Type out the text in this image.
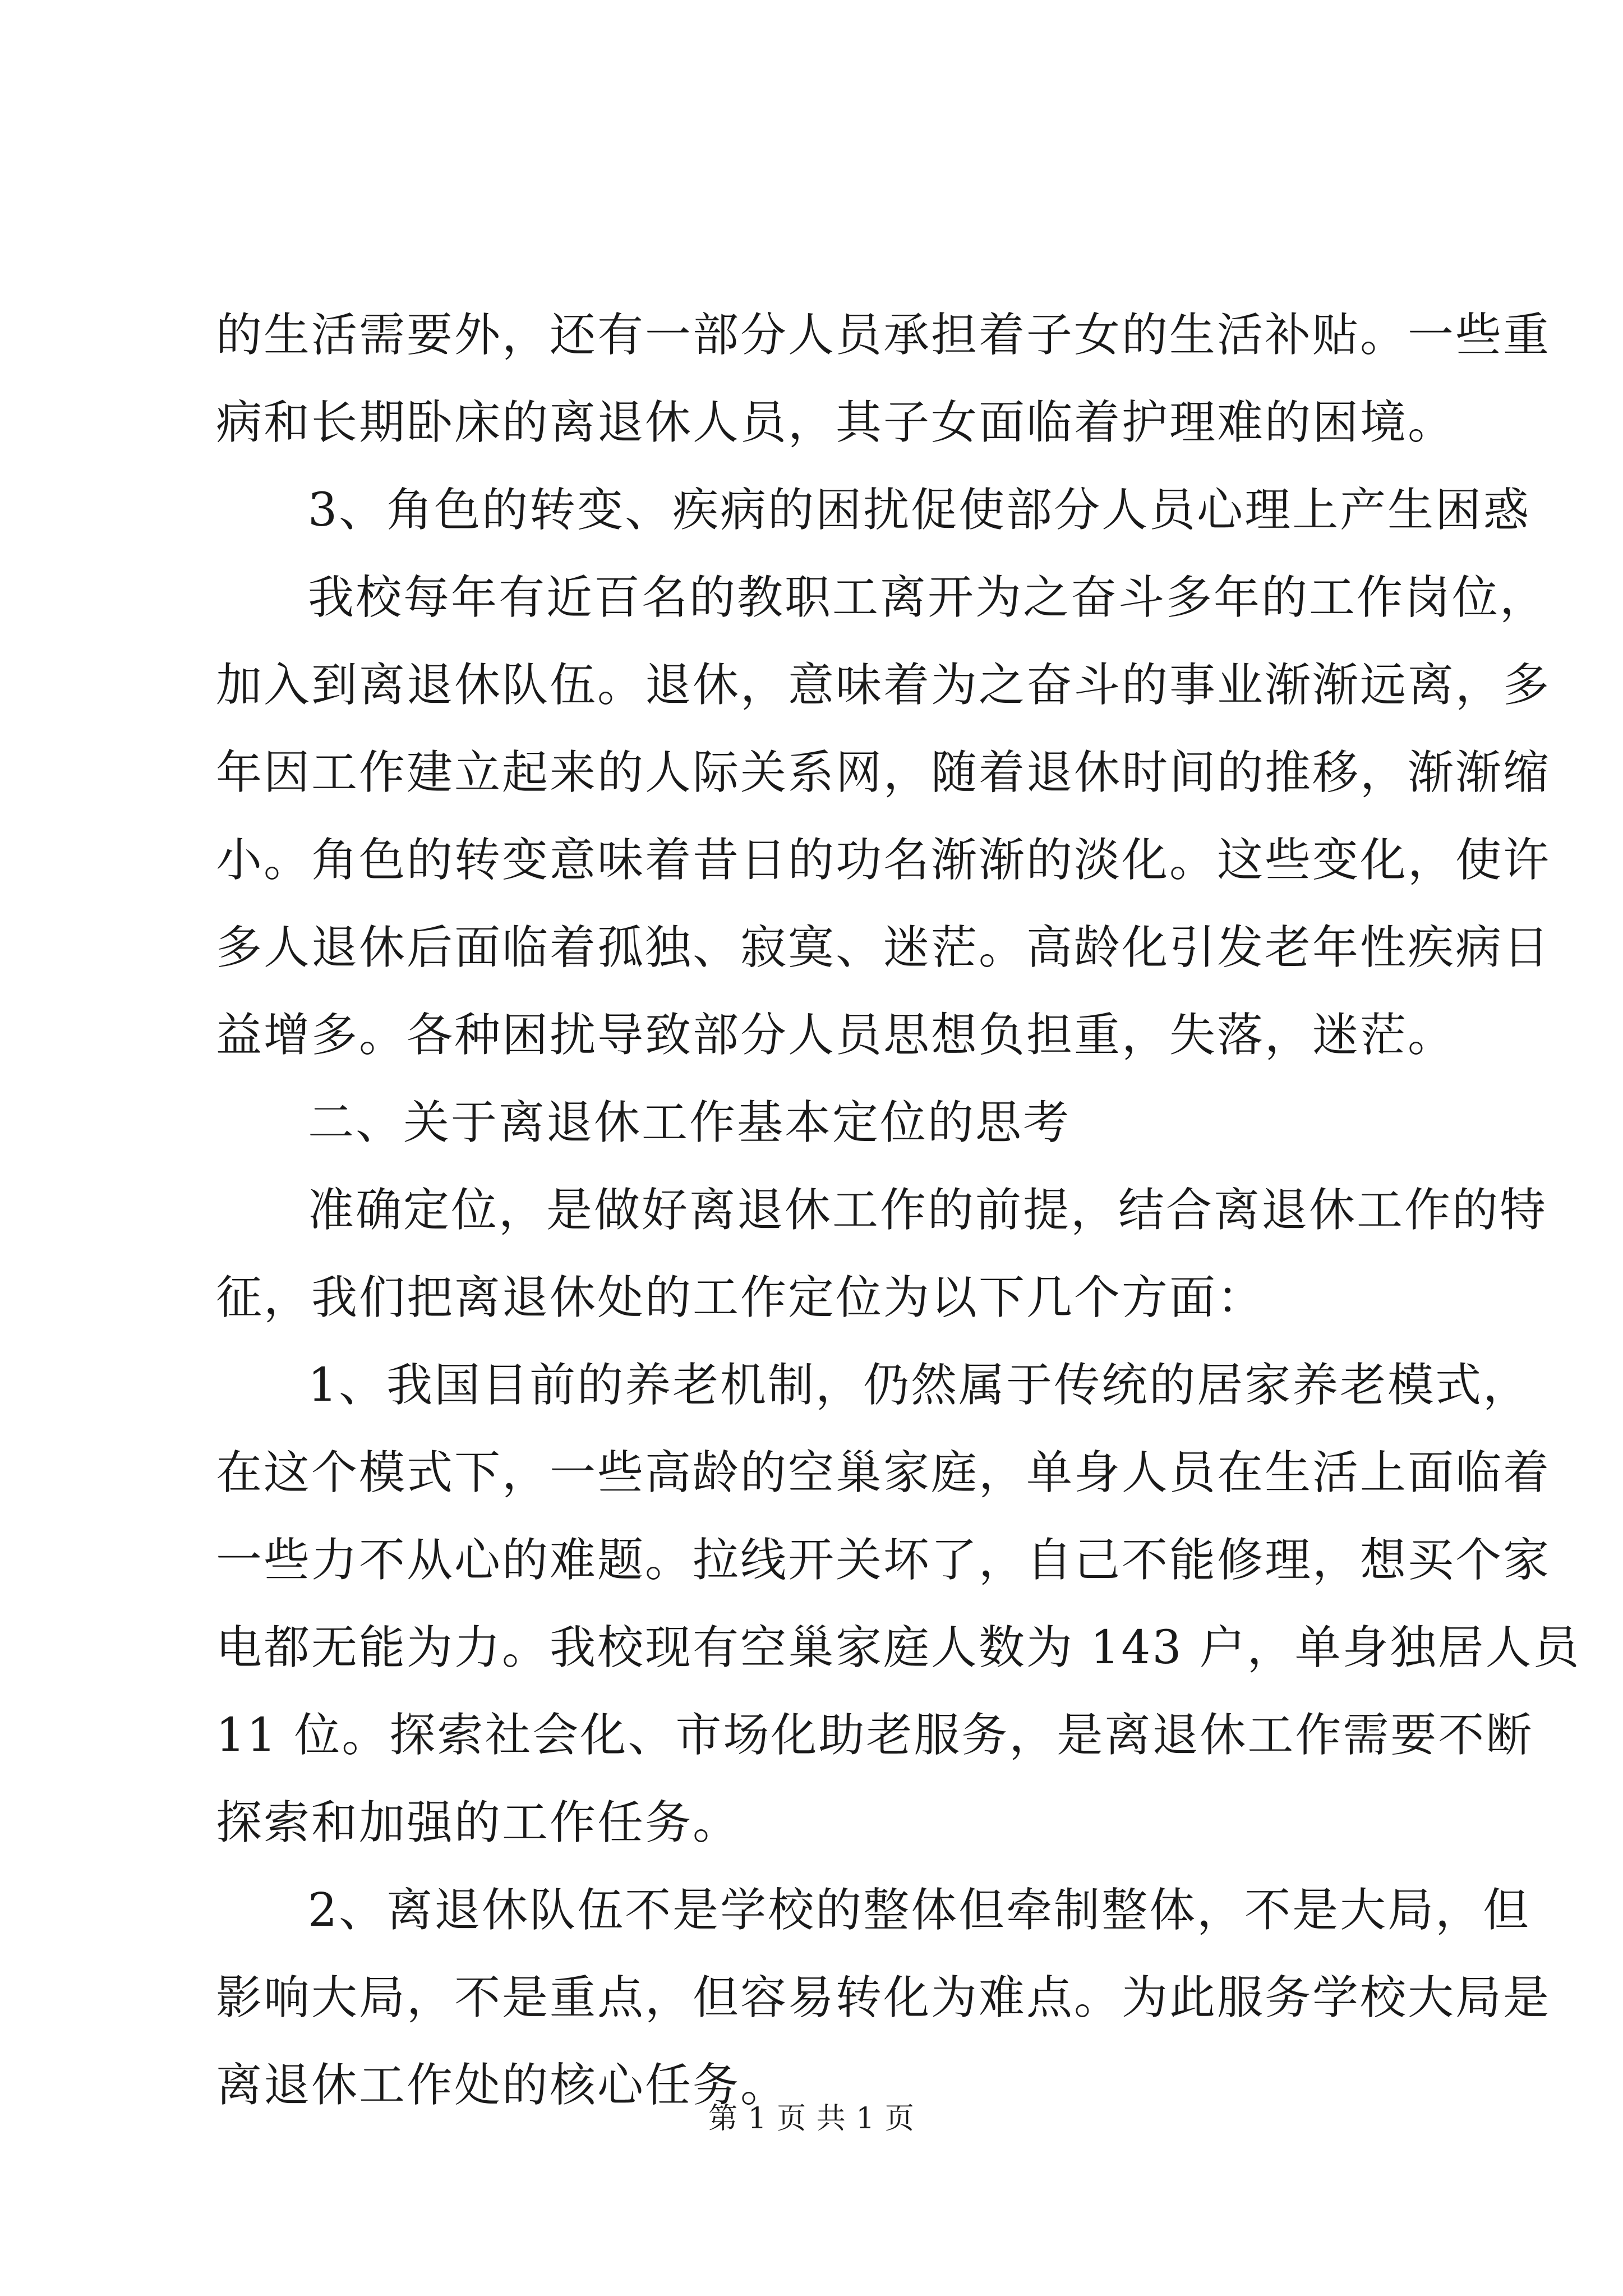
的生活需要外，还有一部分人员承担着子女的生活补贴。一些重
病和长期卧床的离退休人员，其子女面临着护理难的困境。
3、角色的转变、疾病的困扰促使部分人员心理上产生困惑
我校每年有近百名的教职工离开为之奋斗多年的工作岗位，
加入到离退休队伍。退休，意味着为之奋斗的事业渐渐远离，多
年因工作建立起来的人际关系网，随着退休时间的推移，渐渐缩
小。角色的转变意味着昔日的功名渐渐的淡化。这些变化，使许
多人退休后面临着孤独、寂寞、迷茫。高龄化引发老年性疾病日
益增多。各种困扰导致部分人员思想负担重，失落，迷茫。
二、关于离退休工作基本定位的思考
准确定位，是做好离退休工作的前提，结合离退休工作的特
征，我们把离退休处的工作定位为以下几个方面：
1、我国目前的养老机制，仍然属于传统的居家养老模式，
在这个模式下，一些高龄的空巢家庭，单身人员在生活上面临着
一些力不从心的难题。拉线开关坏了，自己不能修理，想买个家
电都无能为力。我校现有空巢家庭人数为 143 户，单身独居人员
11 位。探索社会化、市场化助老服务，是离退休工作需要不断
探索和加强的工作任务。
2、离退休队伍不是学校的整体但牵制整体，不是大局，但
影响大局，不是重点，但容易转化为难点。为此服务学校大局是
离退休工作处的核心任务。
第 1 页 共 1 页
